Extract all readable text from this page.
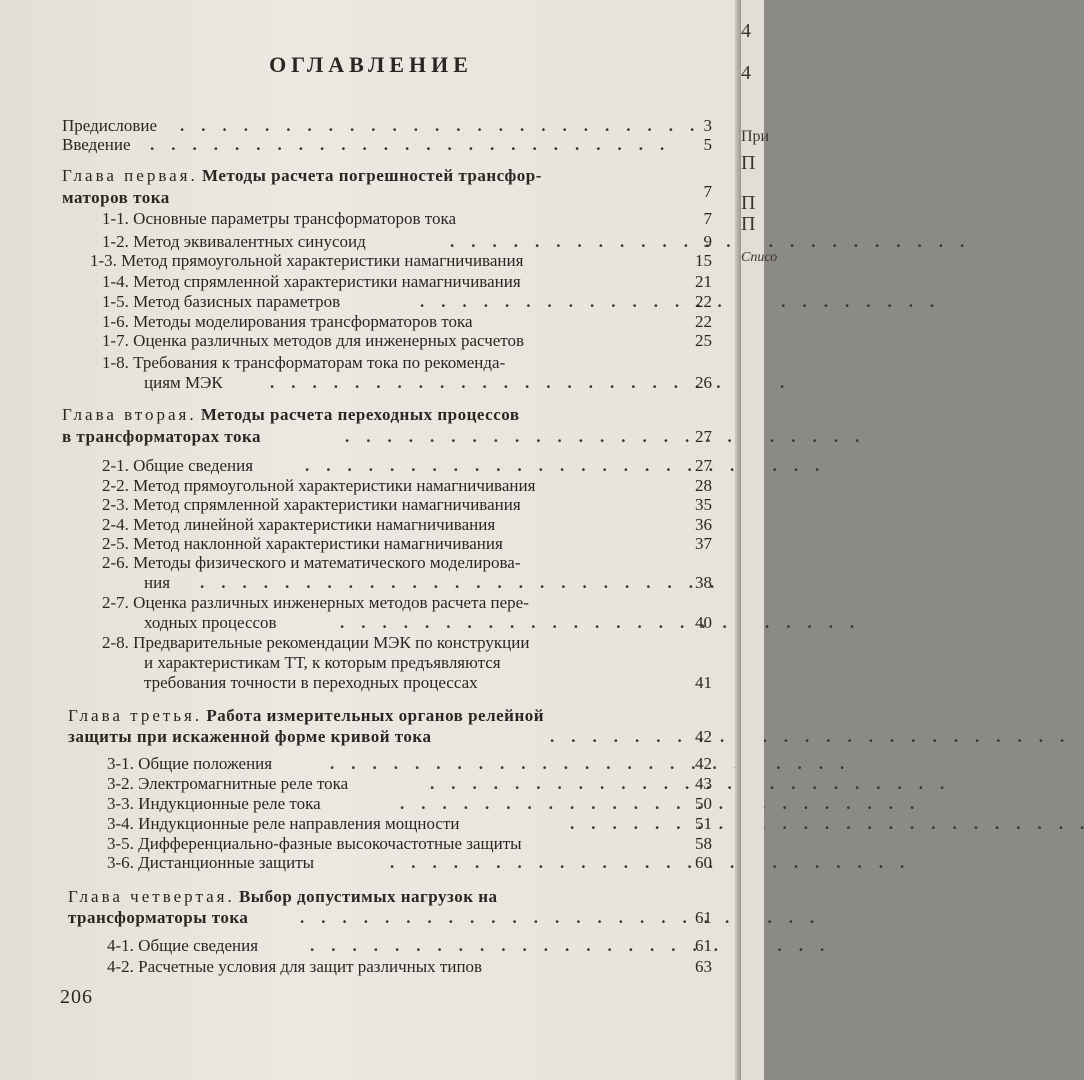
ОГЛАВЛЕНИЕ
Предисловие .	3
Введение .	5
Глава первая. Методы расчета погрешностей трансфор-
маторов тока	7
1-1. Основные параметры трансформаторов тока	7
1-2. Метод эквивалентных синусоид .	9
1-3. Метод прямоугольной характеристики намагничивания	15
1-4. Метод спрямленной характеристики намагничивания	21
1-5. Метод базисных параметров .	22
1-6. Методы моделирования трансформаторов тока	22
1-7. Оценка различных методов для инженерных расчетов	25
1-8. Требования к трансформаторам тока по рекоменда-
циям МЭК .	26
Глава вторая. Методы расчета переходных процессов
в трансформаторах тока .	27
2-1. Общие сведения .	27
2-2. Метод прямоугольной характеристики намагничивания	28
2-3. Метод спрямленной характеристики намагничивания	35
2-4. Метод линейной характеристики намагничивания	36
2-5. Метод наклонной характеристики намагничивания	37
2-6. Методы физического и математического моделирова-
ния .	38
2-7. Оценка различных инженерных методов расчета пере-
ходных процессов .	40
2-8. Предварительные рекомендации МЭК по конструкции
и характеристикам ТТ, к которым предъявляются
требования точности в переходных процессах	41
Глава третья. Работа измерительных органов релейной
защиты при искаженной форме кривой тока .	42
3-1. Общие положения .	42
3-2. Электромагнитные реле тока .	43
3-3. Индукционные реле тока .	50
3-4. Индукционные реле направления мощности .	51
3-5. Дифференциально-фазные высокочастотные защиты	58
3-6. Дистанционные защиты .	60
Глава четвертая. Выбор допустимых нагрузок на
трансформаторы тока .	61
4-1. Общие сведения .	61
4-2. Расчетные условия для защит различных типов	63
206
4
4
При
П
П
П
Списо
